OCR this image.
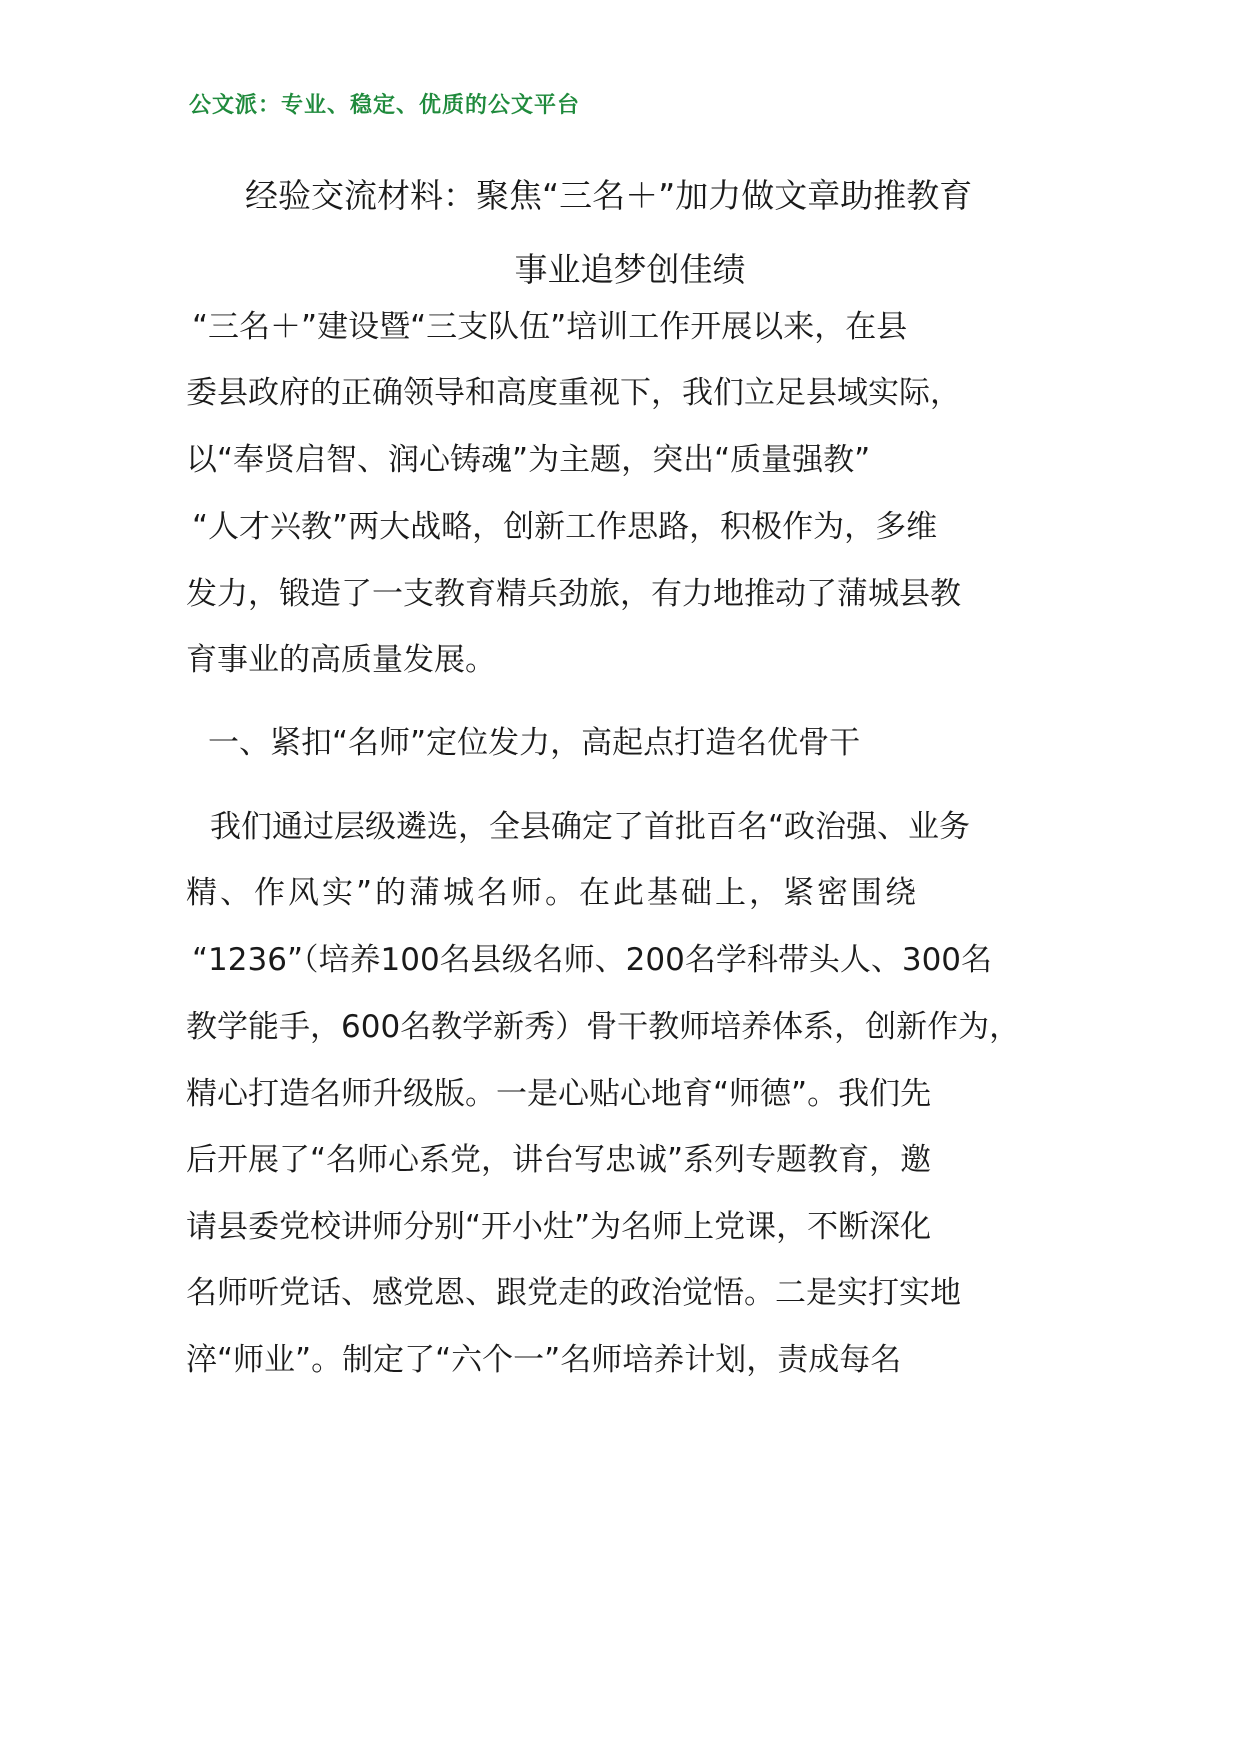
公文派：专业、稳定、优质的公文平台
经验交流材料：聚焦“三名＋”加力做文章助推教育
事业追梦创佳绩
“三名＋”建设暨“三支队伍”培训工作开展以来，在县
委县政府的正确领导和高度重视下，我们立足县域实际，
以“奉贤启智、润心铸魂”为主题，突出“质量强教”
“人才兴教”两大战略，创新工作思路，积极作为，多维
发力，锻造了一支教育精兵劲旅，有力地推动了蒲城县教
育事业的高质量发展。
一、紧扣“名师”定位发力，高起点打造名优骨干
我们通过层级遴选，全县确定了首批百名“政治强、业务
精、作风实”的蒲城名师。在此基础上，紧密围绕
“1236”（培养100名县级名师、200名学科带头人、300名
教学能手，600名教学新秀）骨干教师培养体系，创新作为，
精心打造名师升级版。一是心贴心地育“师德”。我们先
后开展了“名师心系党，讲台写忠诚”系列专题教育，邀
请县委党校讲师分别“开小灶”为名师上党课，不断深化
名师听党话、感党恩、跟党走的政治觉悟。二是实打实地
淬“师业”。制定了“六个一”名师培养计划，责成每名
